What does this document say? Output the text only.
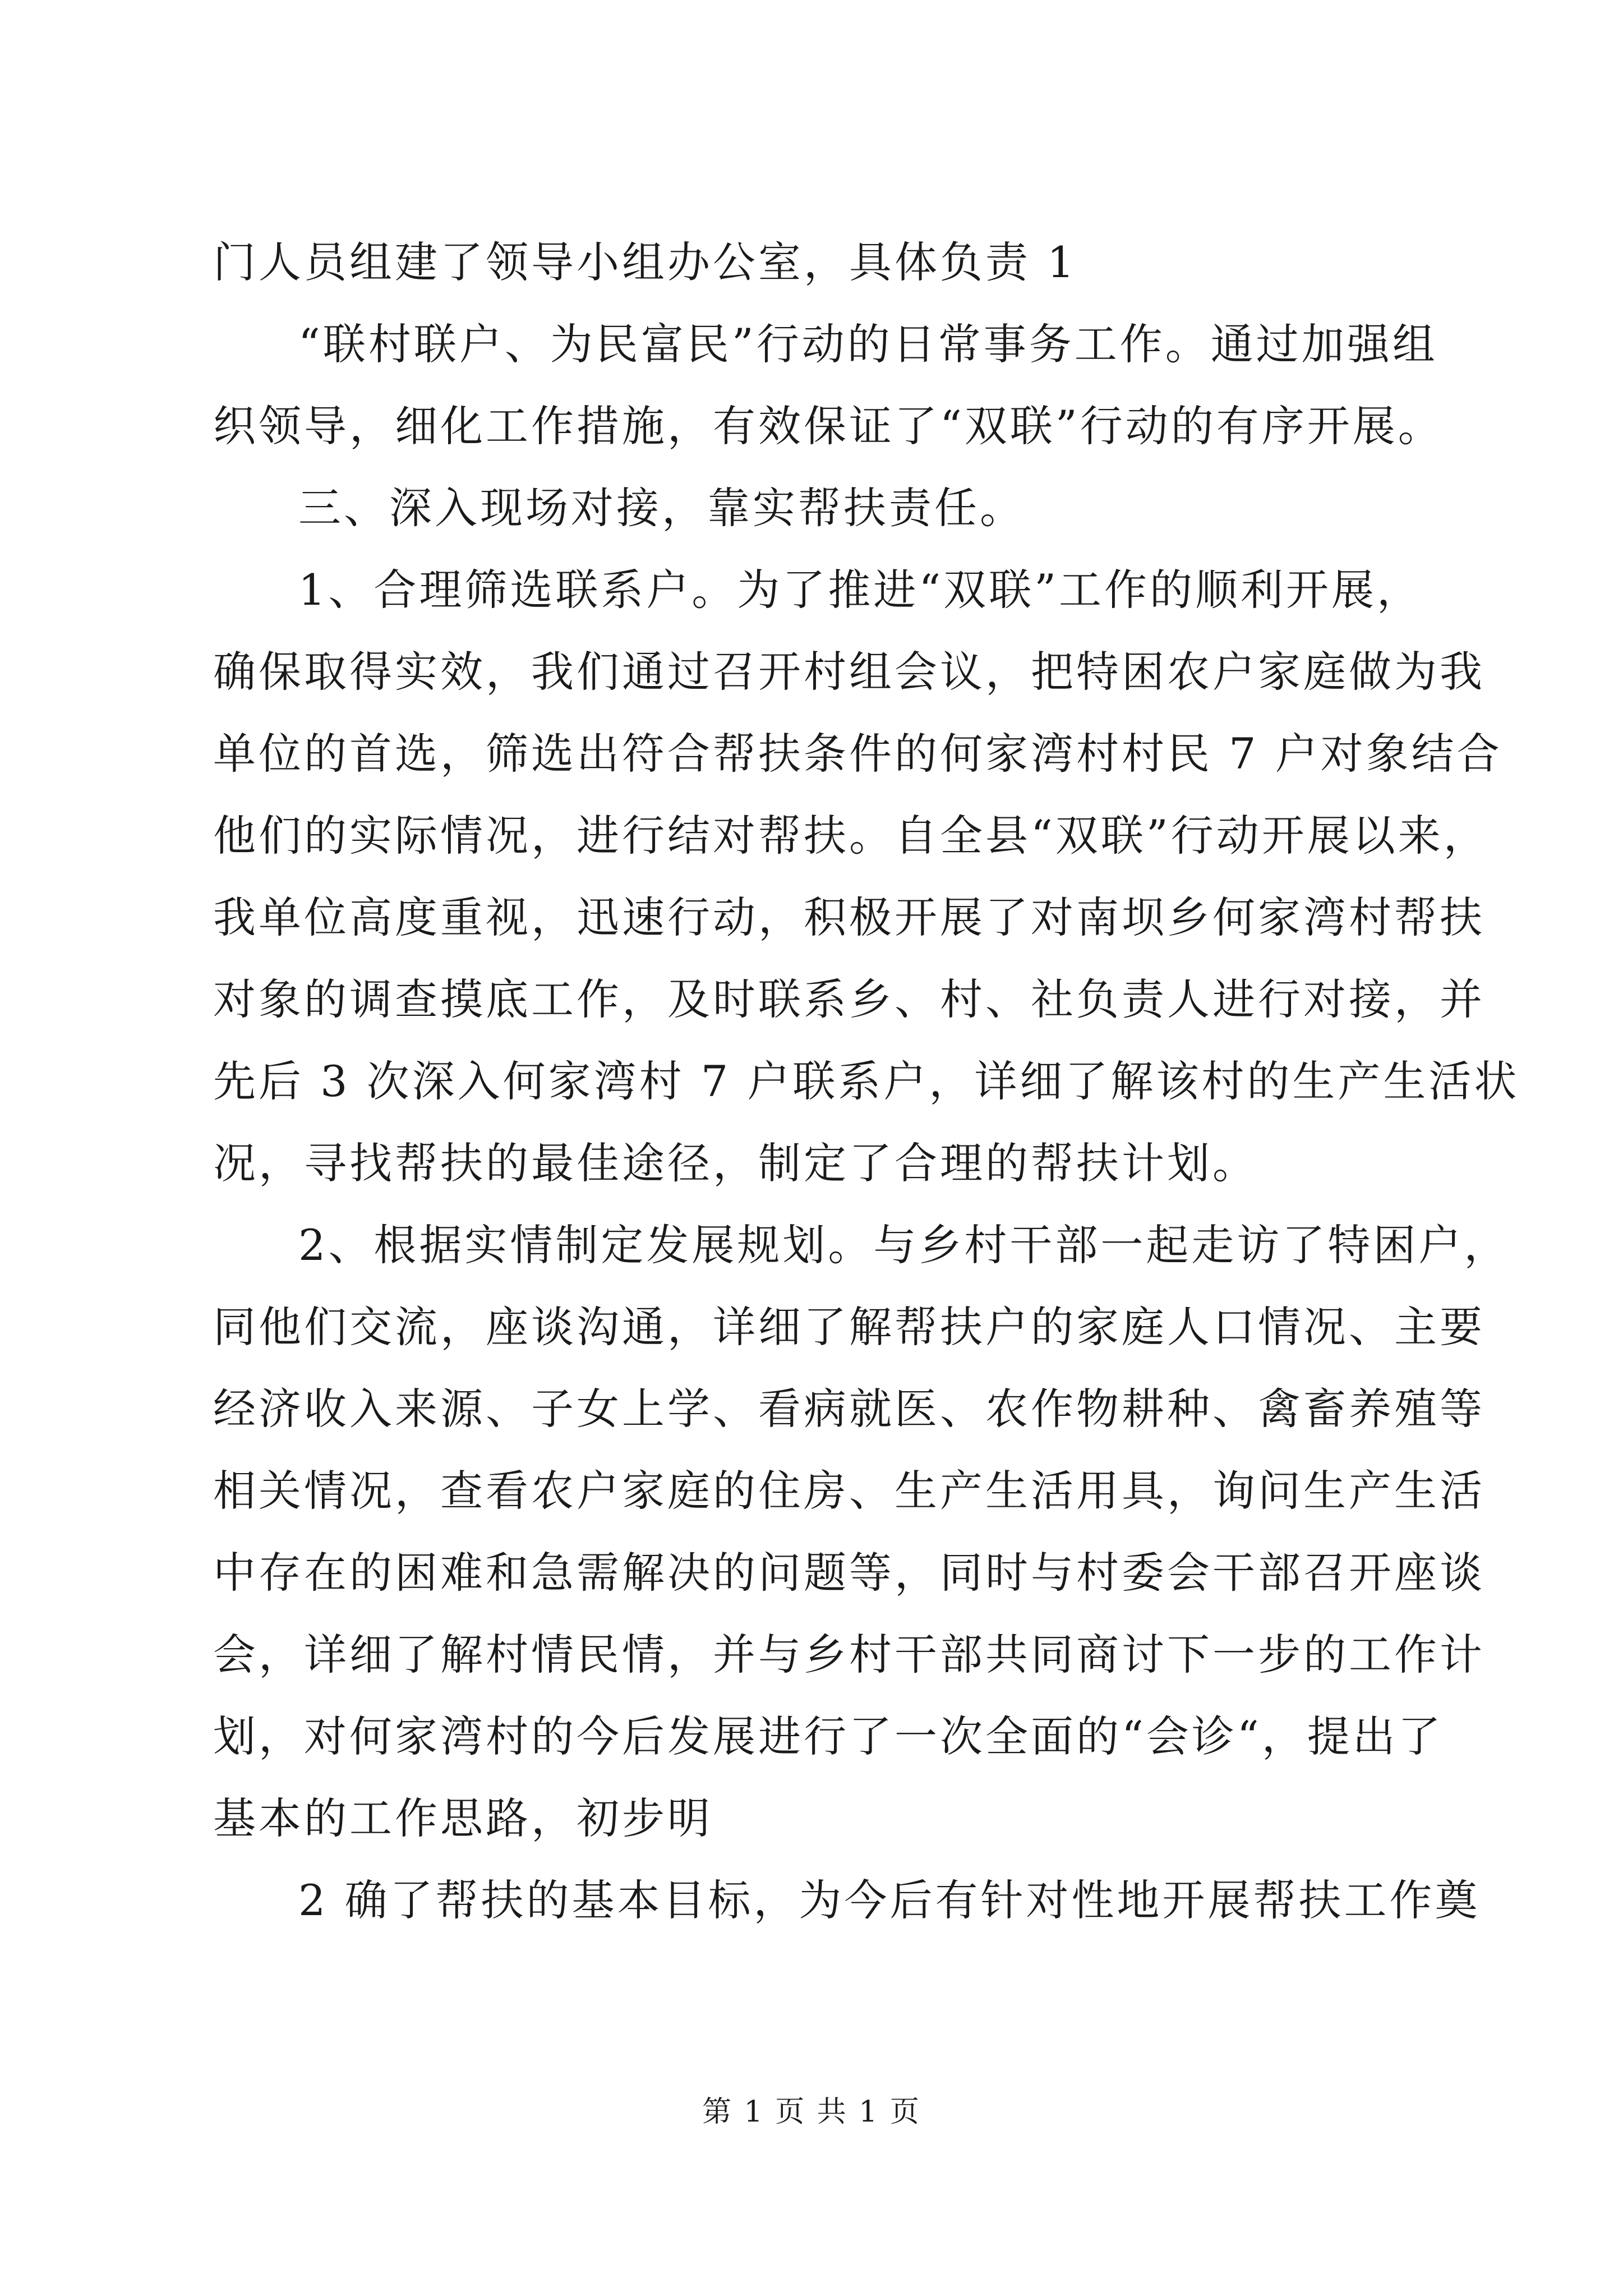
门人员组建了领导小组办公室，具体负责 1
“联村联户、为民富民”行动的日常事务工作。通过加强组
织领导，细化工作措施，有效保证了“双联”行动的有序开展。
三、深入现场对接，靠实帮扶责任。
1、合理筛选联系户。为了推进“双联”工作的顺利开展，
确保取得实效，我们通过召开村组会议，把特困农户家庭做为我
单位的首选，筛选出符合帮扶条件的何家湾村村民 7 户对象结合
他们的实际情况，进行结对帮扶。自全县“双联”行动开展以来，
我单位高度重视，迅速行动，积极开展了对南坝乡何家湾村帮扶
对象的调查摸底工作，及时联系乡、村、社负责人进行对接，并
先后 3 次深入何家湾村 7 户联系户，详细了解该村的生产生活状
况，寻找帮扶的最佳途径，制定了合理的帮扶计划。
2、根据实情制定发展规划。与乡村干部一起走访了特困户，
同他们交流，座谈沟通，详细了解帮扶户的家庭人口情况、主要
经济收入来源、子女上学、看病就医、农作物耕种、禽畜养殖等
相关情况，查看农户家庭的住房、生产生活用具，询问生产生活
中存在的困难和急需解决的问题等，同时与村委会干部召开座谈
会，详细了解村情民情，并与乡村干部共同商讨下一步的工作计
划，对何家湾村的今后发展进行了一次全面的“会诊“，提出了
基本的工作思路，初步明
2 确了帮扶的基本目标，为今后有针对性地开展帮扶工作奠
第 1 页 共 1 页
